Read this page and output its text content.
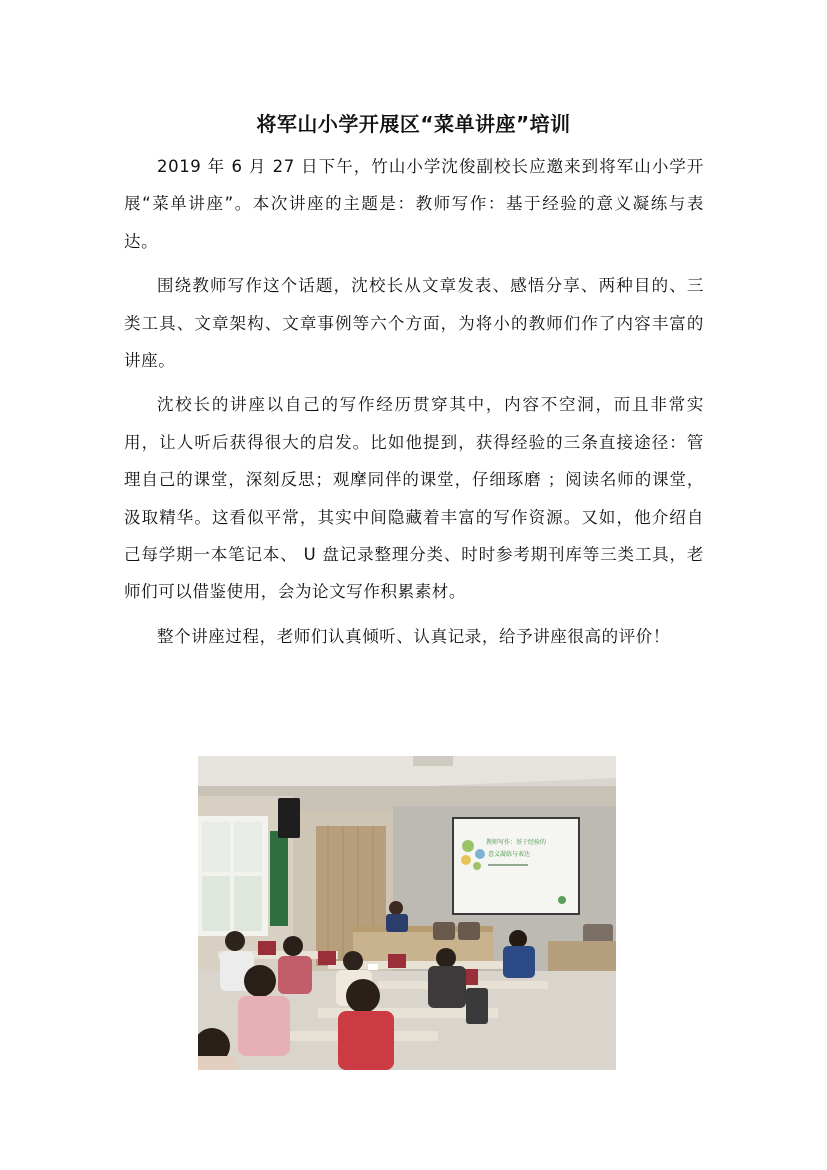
将军山小学开展区“菜单讲座”培训

2019 年 6 月 27 日下午，竹山小学沈俊副校长应邀来到将军山小学开展“菜单讲座”。本次讲座的主题是：教师写作：基于经验的意义凝练与表达。

围绕教师写作这个话题，沈校长从文章发表、感悟分享、两种目的、三类工具、文章架构、文章事例等六个方面，为将小的教师们作了内容丰富的讲座。

沈校长的讲座以自己的写作经历贯穿其中，内容不空洞，而且非常实用，让人听后获得很大的启发。比如他提到，获得经验的三条直接途径：管理自己的课堂，深刻反思；观摩同伴的课堂，仔细琢磨 ；阅读名师的课堂，汲取精华。这看似平常，其实中间隐藏着丰富的写作资源。又如，他介绍自己每学期一本笔记本、 U 盘记录整理分类、时时参考期刊库等三类工具，老师们可以借鉴使用，会为论文写作积累素材。

整个讲座过程，老师们认真倾听、认真记录，给予讲座很高的评价！

教师写作：基于经验的
意义凝练与表达
